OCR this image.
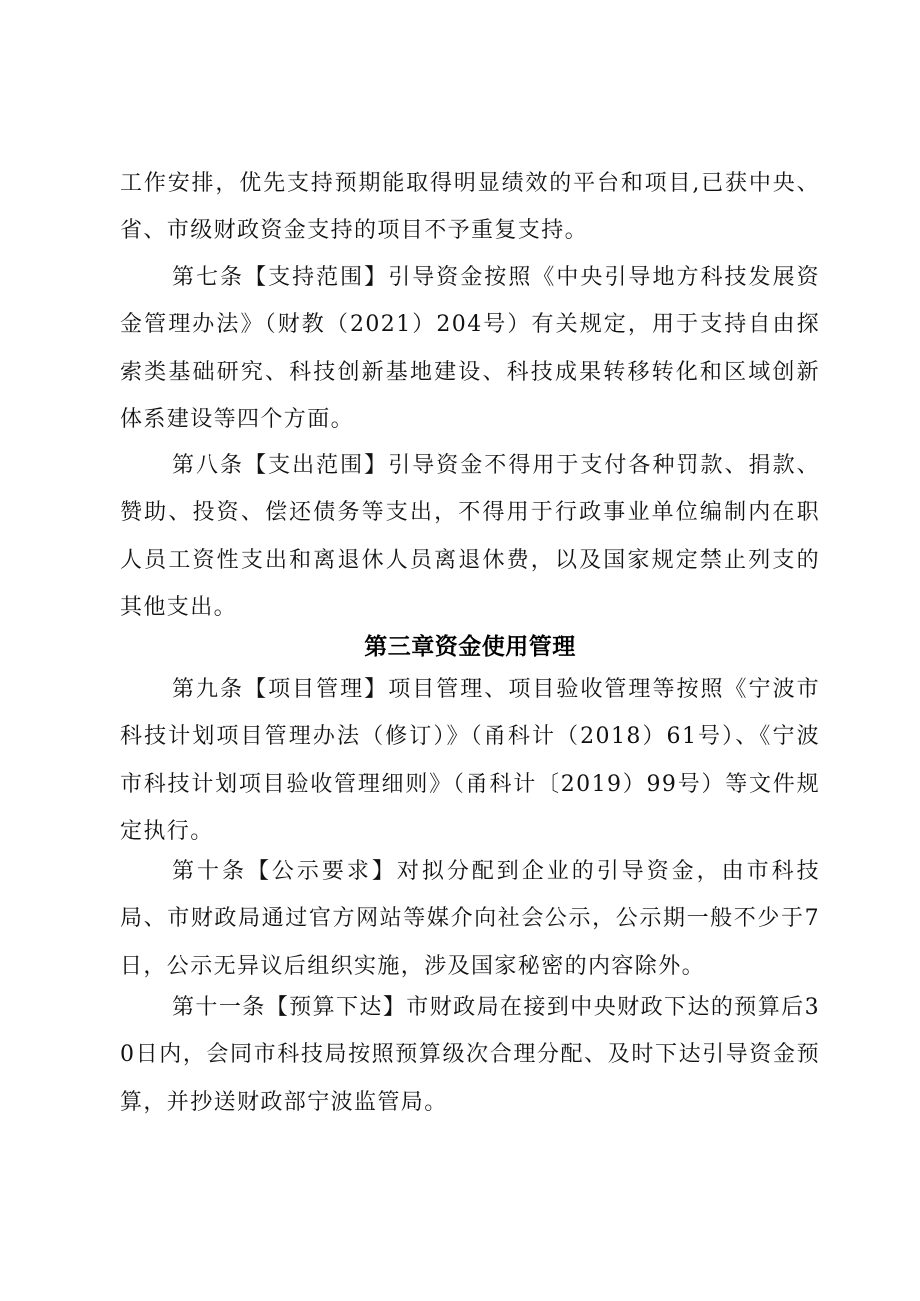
工作安排，优先支持预期能取得明显绩效的平台和项目,已获中央、省、市级财政资金支持的项目不予重复支持。

第七条【支持范围】引导资金按照《中央引导地方科技发展资金管理办法》（财教（2021）204号）有关规定，用于支持自由探索类基础研究、科技创新基地建设、科技成果转移转化和区域创新体系建设等四个方面。

第八条【支出范围】引导资金不得用于支付各种罚款、捐款、赞助、投资、偿还债务等支出，不得用于行政事业单位编制内在职人员工资性支出和离退休人员离退休费，以及国家规定禁止列支的其他支出。

第三章资金使用管理

第九条【项目管理】项目管理、项目验收管理等按照《宁波市科技计划项目管理办法（修订）》（甬科计（2018）61号）、《宁波市科技计划项目验收管理细则》（甬科计〔2019）99号）等文件规定执行。

第十条【公示要求】对拟分配到企业的引导资金，由市科技局、市财政局通过官方网站等媒介向社会公示，公示期一般不少于7日，公示无异议后组织实施，涉及国家秘密的内容除外。

第十一条【预算下达】市财政局在接到中央财政下达的预算后30日内，会同市科技局按照预算级次合理分配、及时下达引导资金预算，并抄送财政部宁波监管局。
